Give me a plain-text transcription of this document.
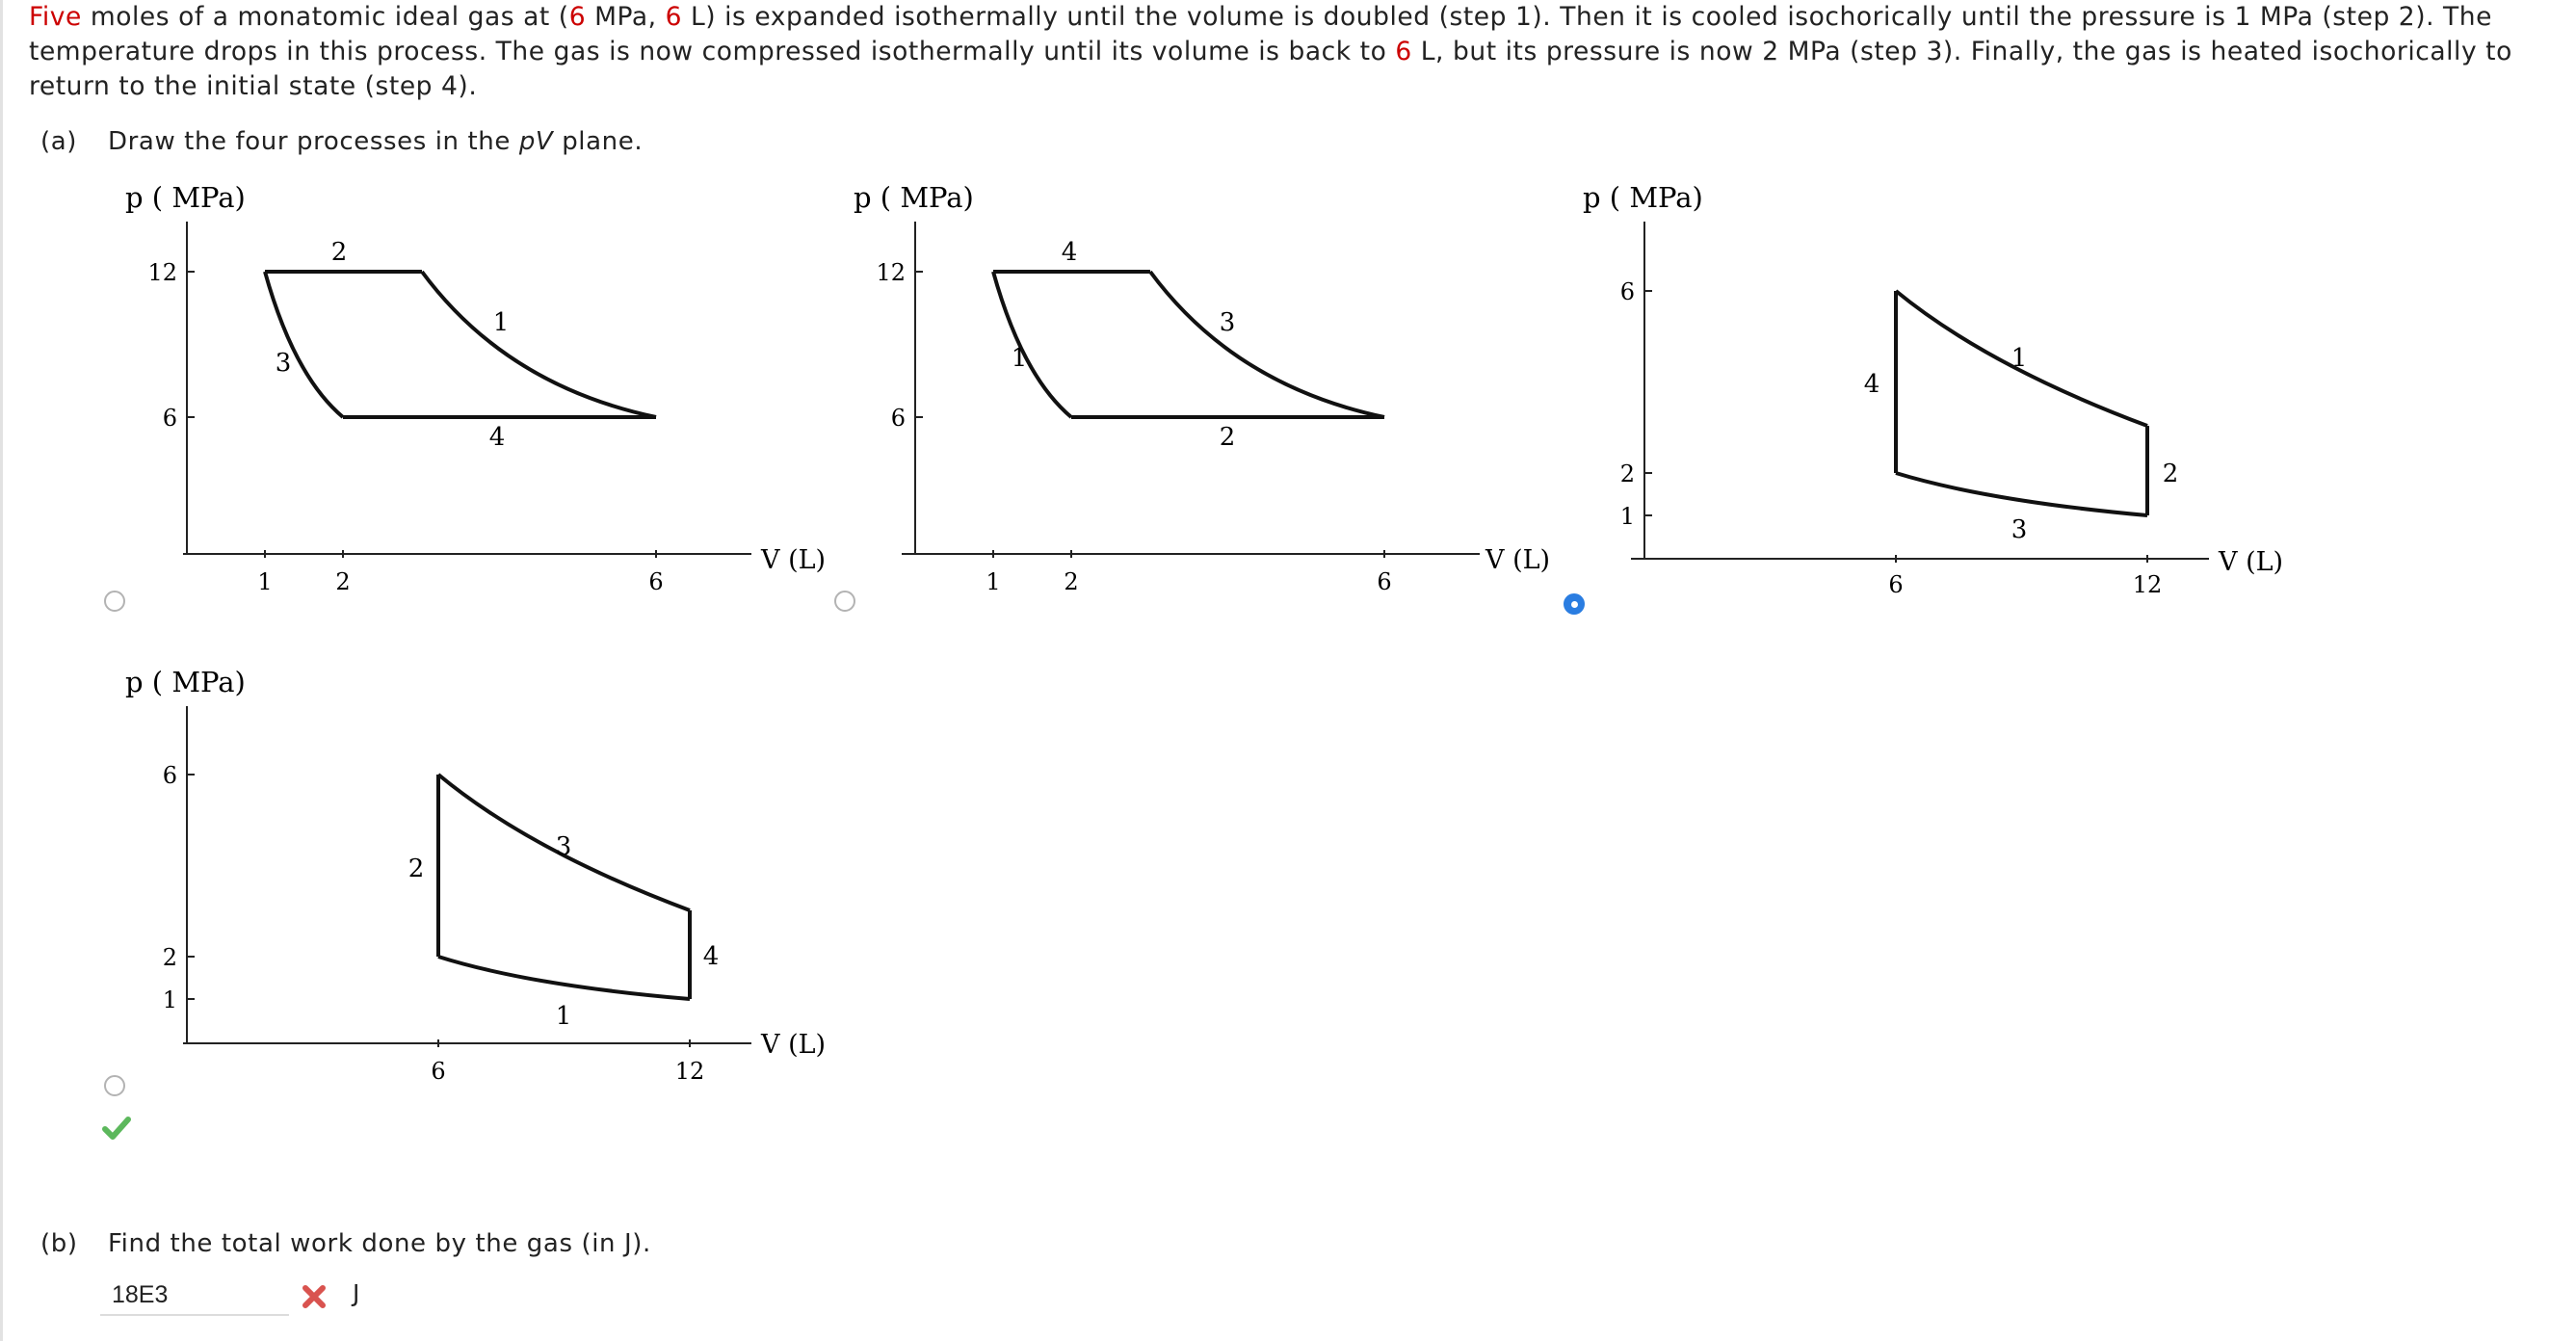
Five moles of a monatomic ideal gas at (6 MPa, 6 L) is expanded isothermally until the volume is doubled (step 1). Then it is cooled isochorically until the pressure is 1 MPa (step 2). The temperature drops in this process. The gas is now compressed isothermally until its volume is back to 6 L, but its pressure is now 2 MPa (step 3). Finally, the gas is heated isochorically to return to the initial state (step 4).
(a) Draw the four processes in the pV plane.
p ( MPa)
12
6
1	2	6
V (L)
1
2
3
4
p ( MPa)
12
6
1	2	6
V (L)
3
4
1
2
p ( MPa)
6
2
1
6	12
V (L)
1
2
3
4
p ( MPa)
6
2
1
6	12
V (L)
3
4
1
2
(b) Find the total work done by the gas (in J).
18E3
J
